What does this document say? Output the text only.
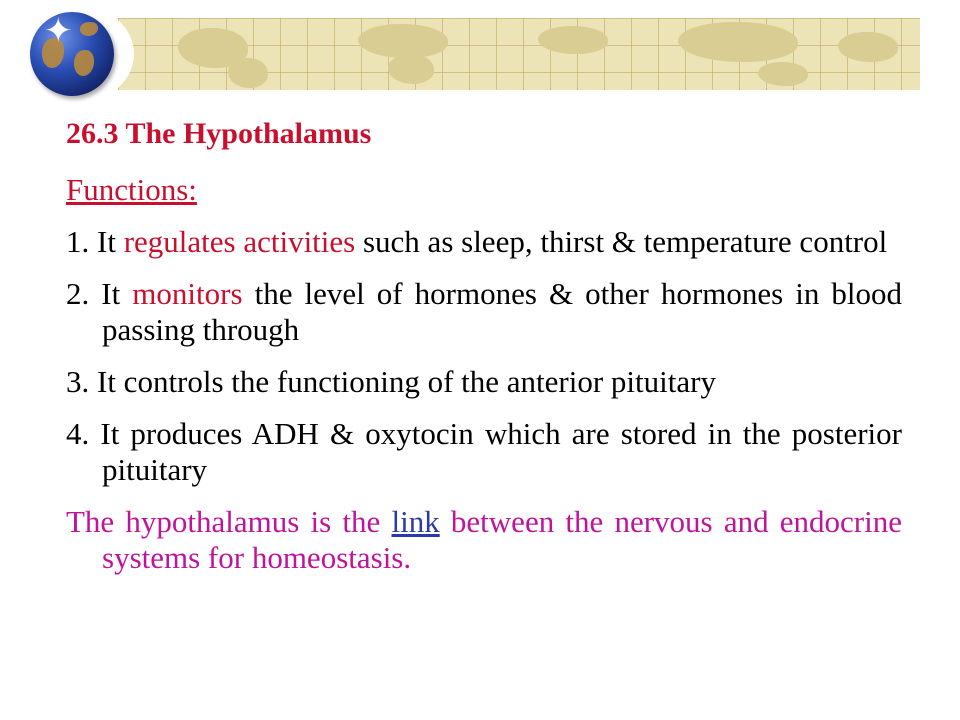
✦
26.3 The Hypothalamus
Functions:
1. It regulates activities such as sleep, thirst & temperature control
2. It monitors the level of hormones & other hormones in blood passing through
3. It controls the functioning of the anterior pituitary
4. It produces ADH & oxytocin which are stored in the posterior pituitary
The hypothalamus is the link between the nervous and endocrine systems for homeostasis.
